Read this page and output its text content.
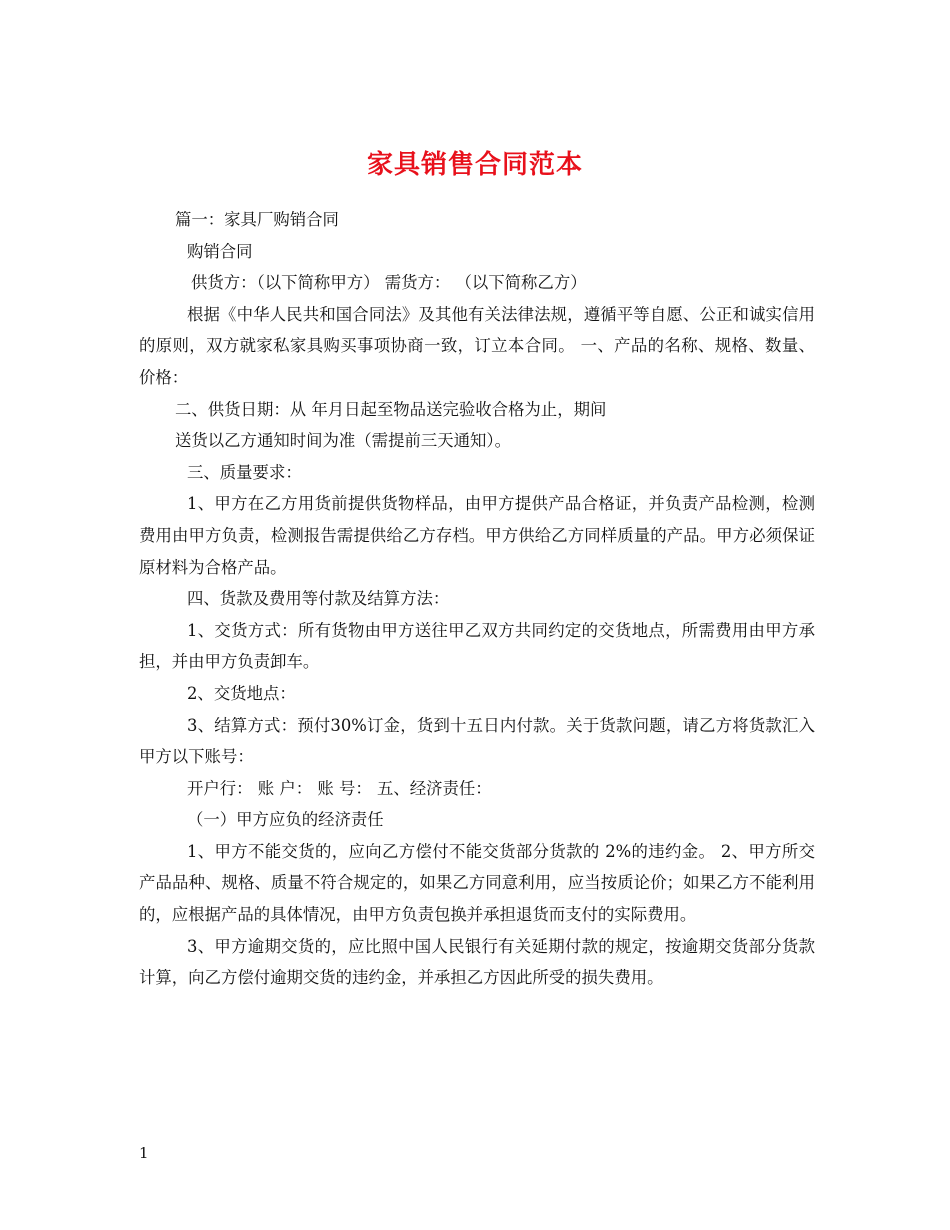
家具销售合同范本

篇一：家具厂购销合同

购销合同

供货方：（以下简称甲方） 需货方： （以下简称乙方）

根据《中华人民共和国合同法》及其他有关法律法规，遵循平等自愿、公正和诚实信用的原则，双方就家私家具购买事项协商一致，订立本合同。 一、产品的名称、规格、数量、价格：

二、供货日期：从 年月日起至物品送完验收合格为止，期间

送货以乙方通知时间为准（需提前三天通知）。

三、质量要求：

1、甲方在乙方用货前提供货物样品，由甲方提供产品合格证，并负责产品检测，检测费用由甲方负责，检测报告需提供给乙方存档。甲方供给乙方同样质量的产品。甲方必须保证原材料为合格产品。

四、货款及费用等付款及结算方法：

1、交货方式：所有货物由甲方送往甲乙双方共同约定的交货地点，所需费用由甲方承担，并由甲方负责卸车。

2、交货地点：

3、结算方式：预付30%订金，货到十五日内付款。关于货款问题，请乙方将货款汇入甲方以下账号：

开户行： 账 户： 账 号： 五、经济责任：

（一）甲方应负的经济责任

1、甲方不能交货的，应向乙方偿付不能交货部分货款的 2%的违约金。 2、甲方所交产品品种、规格、质量不符合规定的，如果乙方同意利用，应当按质论价；如果乙方不能利用的，应根据产品的具体情况，由甲方负责包换并承担退货而支付的实际费用。

3、甲方逾期交货的，应比照中国人民银行有关延期付款的规定，按逾期交货部分货款计算，向乙方偿付逾期交货的违约金，并承担乙方因此所受的损失费用。

1
